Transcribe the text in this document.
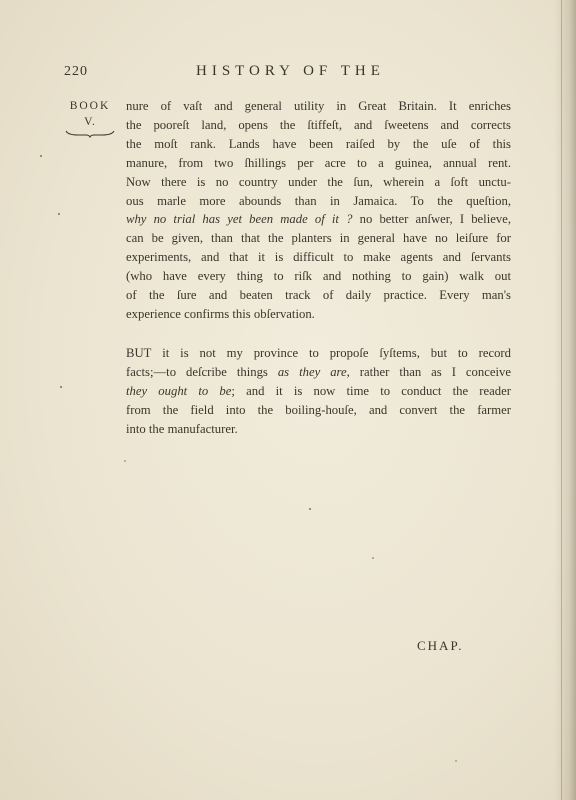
220	HISTORY OF THE
BOOK
V.
nure of vaſt and general utility in Great Britain. It enriches
the pooreſt land, opens the ſtiffeſt, and ſweetens and corrects
the moſt rank. Lands have been raiſed by the uſe of this
manure, from two ſhillings per acre to a guinea, annual rent.
Now there is no country under the ſun, wherein a ſoft unctu-
ous marle more abounds than in Jamaica. To the queſtion,
why no trial has yet been made of it ? no better anſwer, I believe,
can be given, than that the planters in general have no leiſure for
experiments, and that it is difficult to make agents and ſervants
(who have every thing to riſk and nothing to gain) walk out
of the ſure and beaten track of daily practice. Every man's
experience confirms this obſervation.
BUT it is not my province to propoſe ſyſtems, but to record
facts;—to deſcribe things as they are, rather than as I conceive
they ought to be; and it is now time to conduct the reader
from the field into the boiling-houſe, and convert the farmer
into the manufacturer.
CHAP.
